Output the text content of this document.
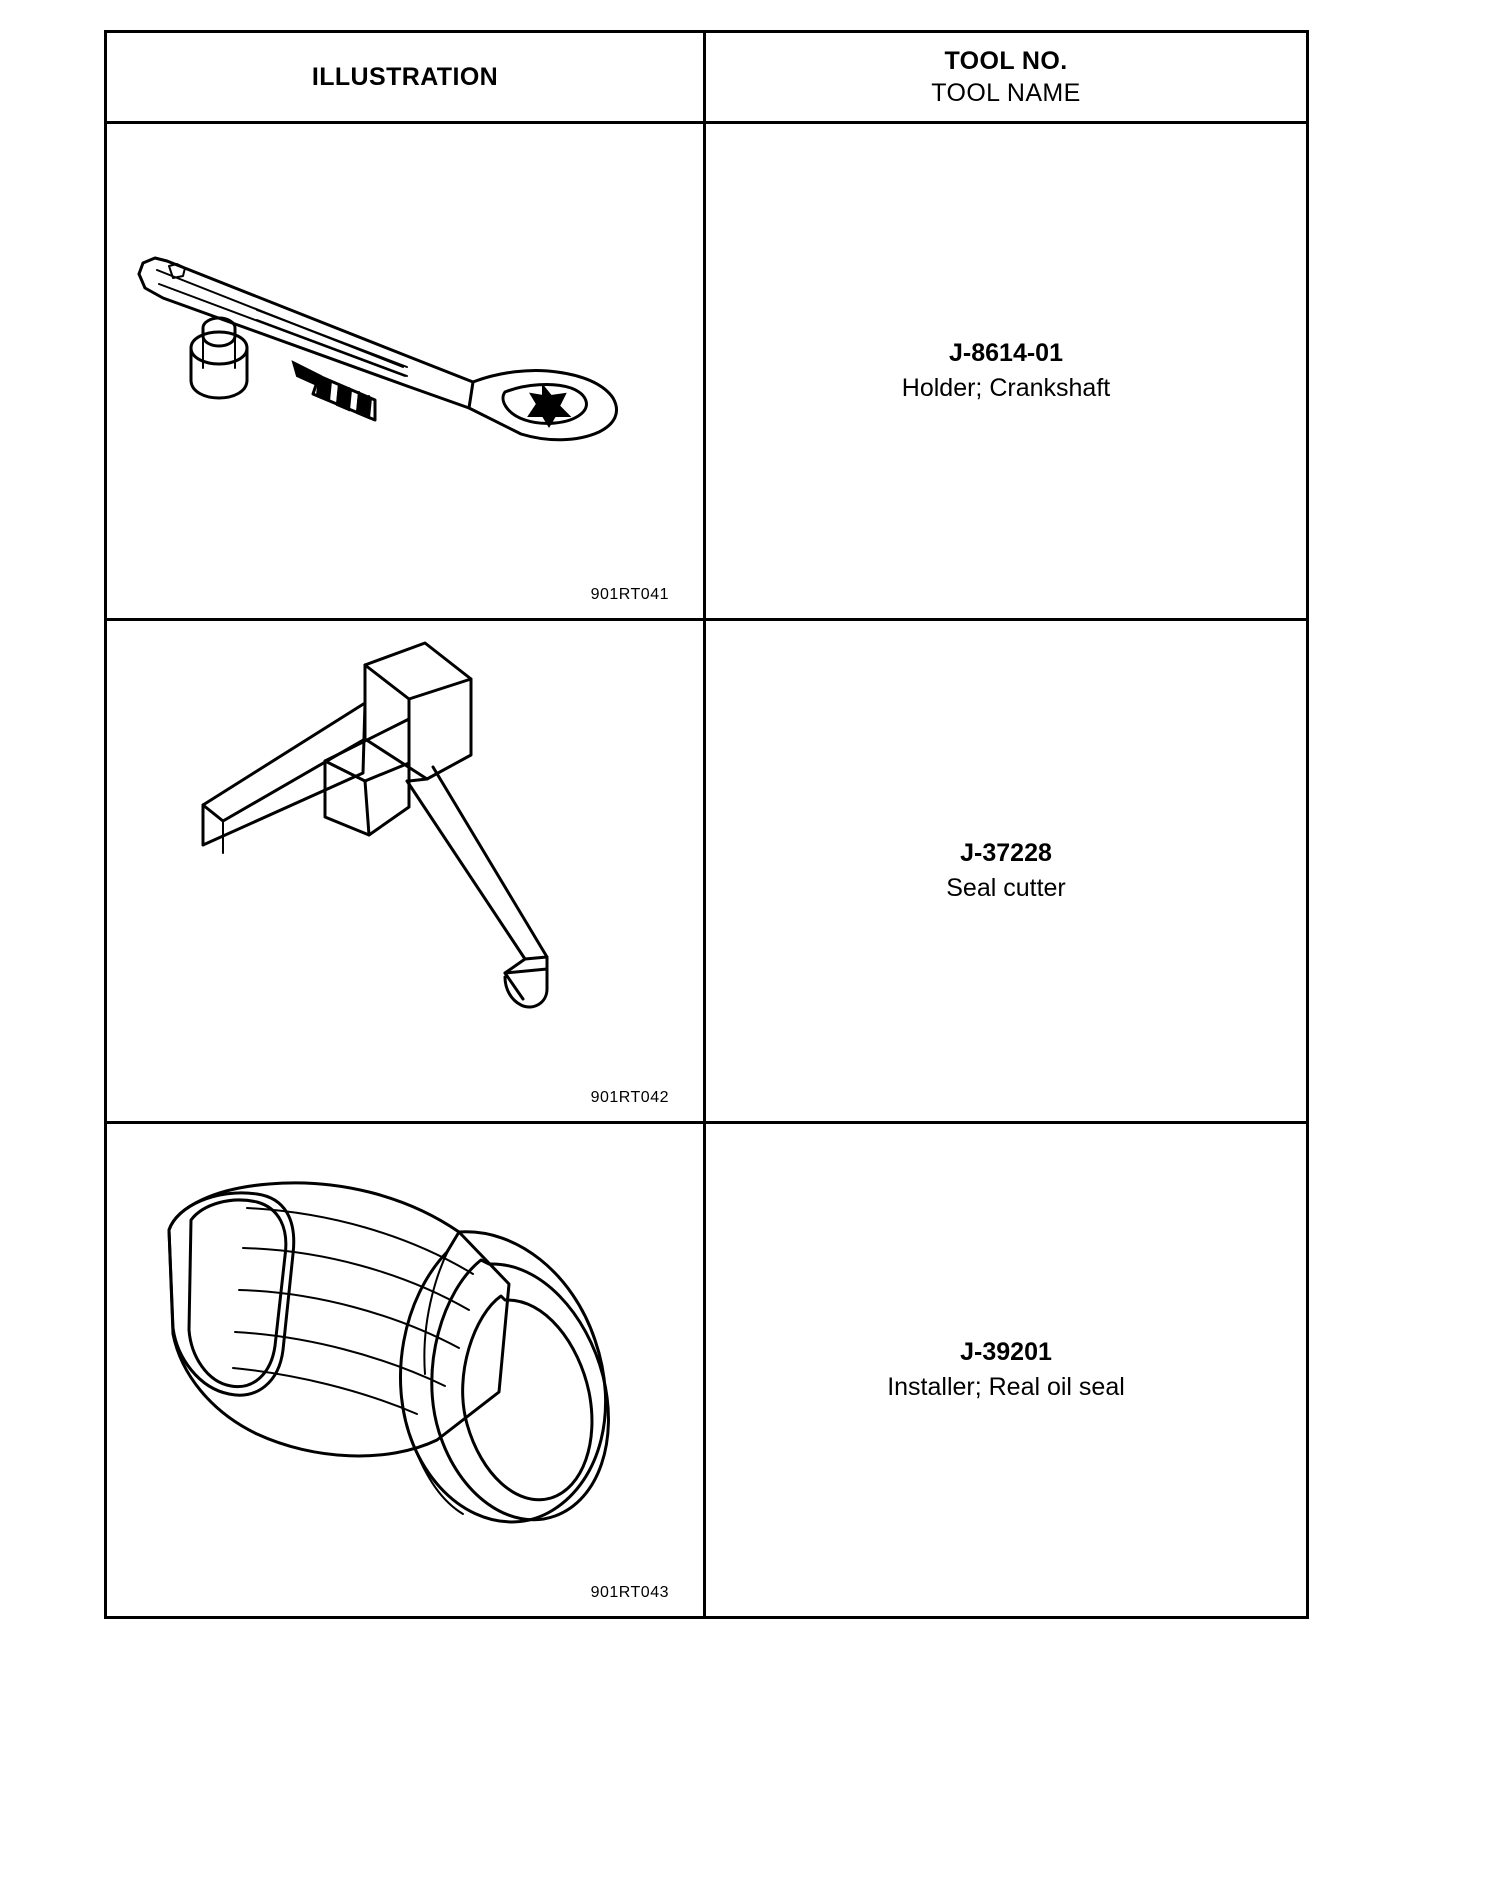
ILLUSTRATION	TOOL NO.
TOOL NAME

901RT041	J-8614-01
Holder; Crankshaft

901RT042	J-37228
Seal cutter

901RT043	J-39201
Installer; Real oil seal
